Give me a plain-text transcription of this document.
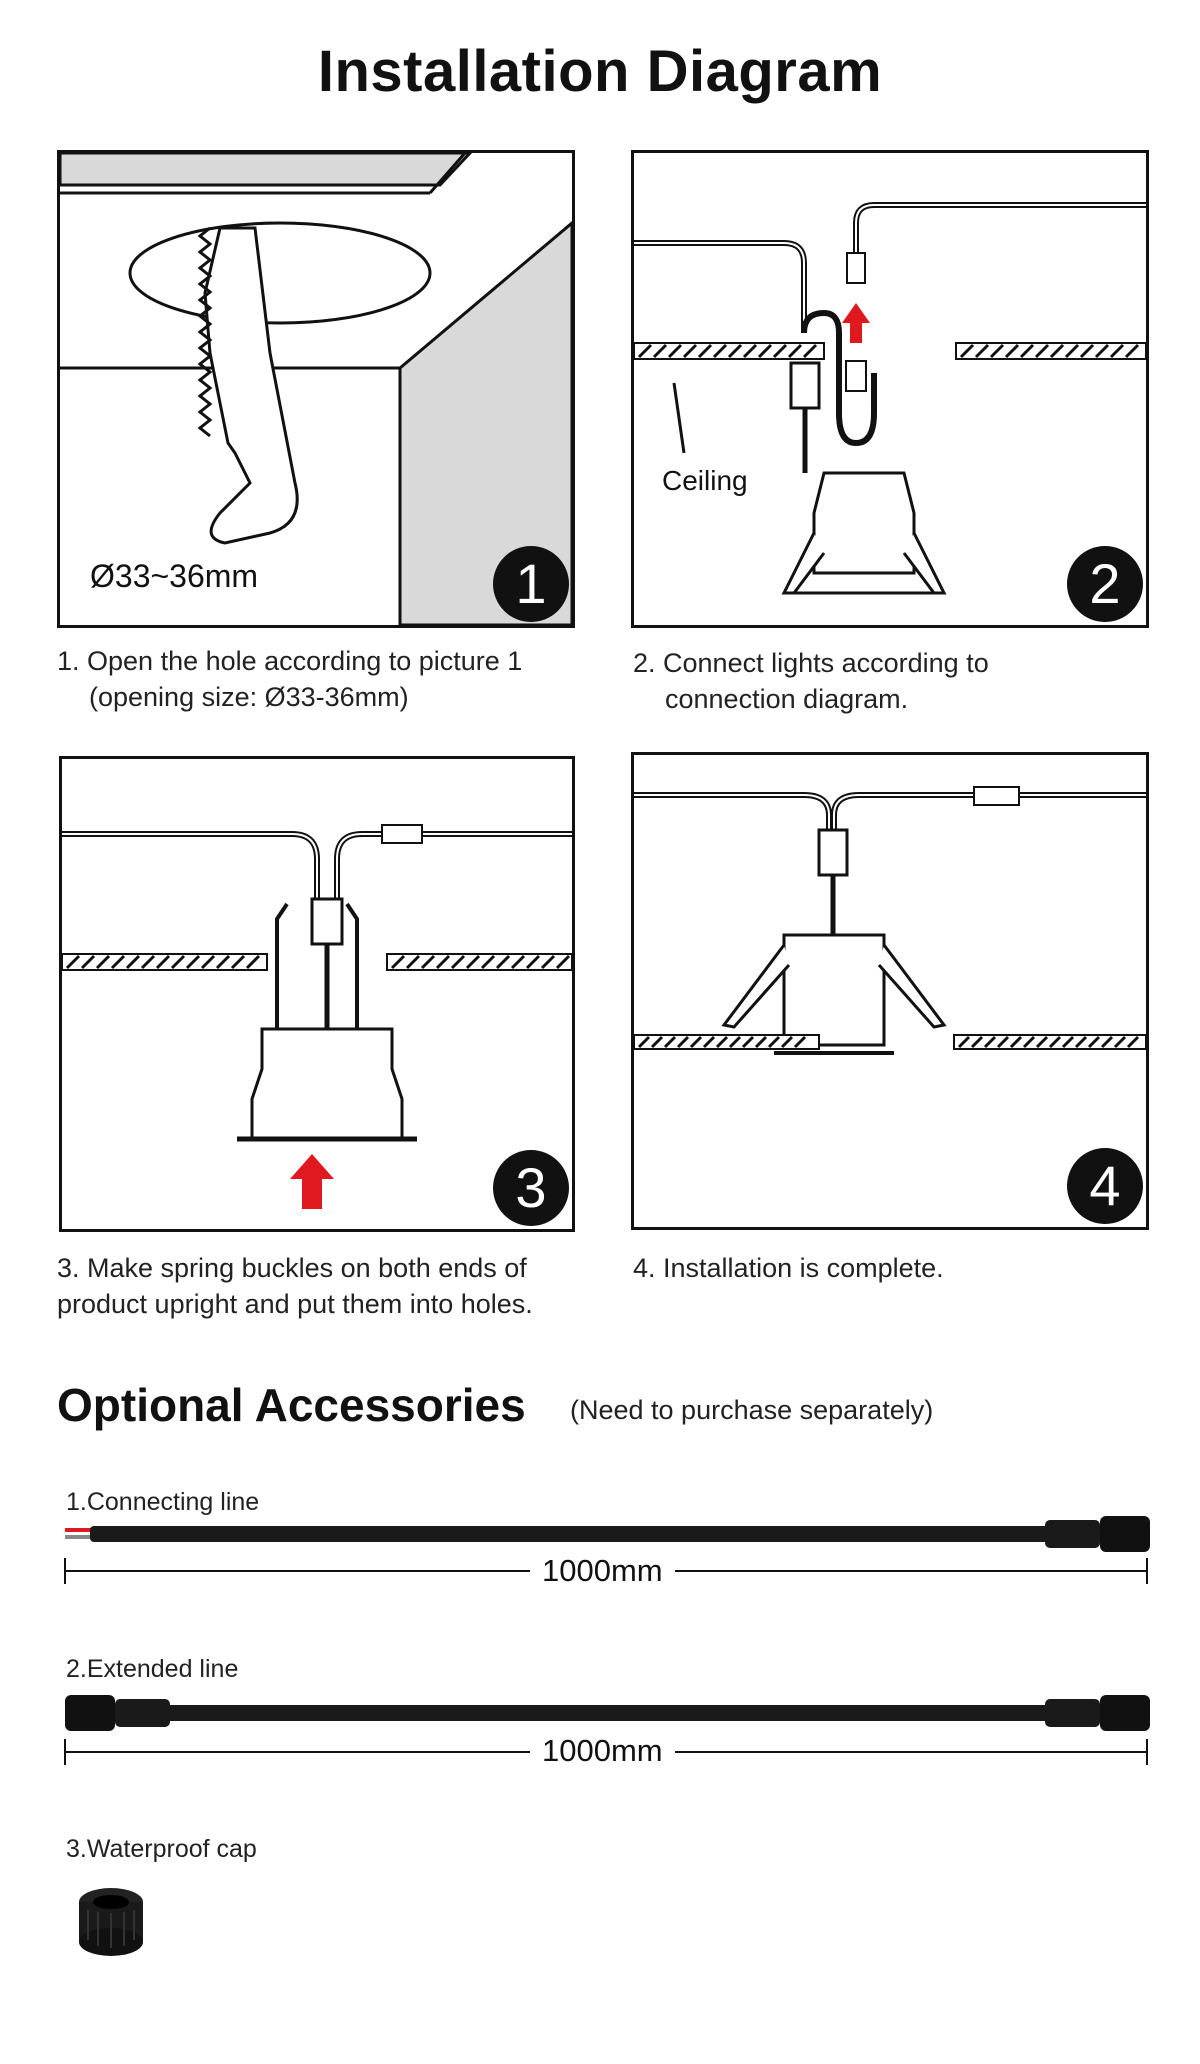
Installation Diagram
Ø33~36mm	1
1. Open the hole according to picture 1
(opening size: Ø33-36mm)
Ceiling
2
2. Connect lights according to
connection diagram.
3
3. Make spring buckles on both ends of
product upright and put them into holes.
4
4. Installation is complete.
Optional Accessories (Need to purchase separately)
1.Connecting line
1000mm
2.Extended line
1000mm
3.Waterproof cap
